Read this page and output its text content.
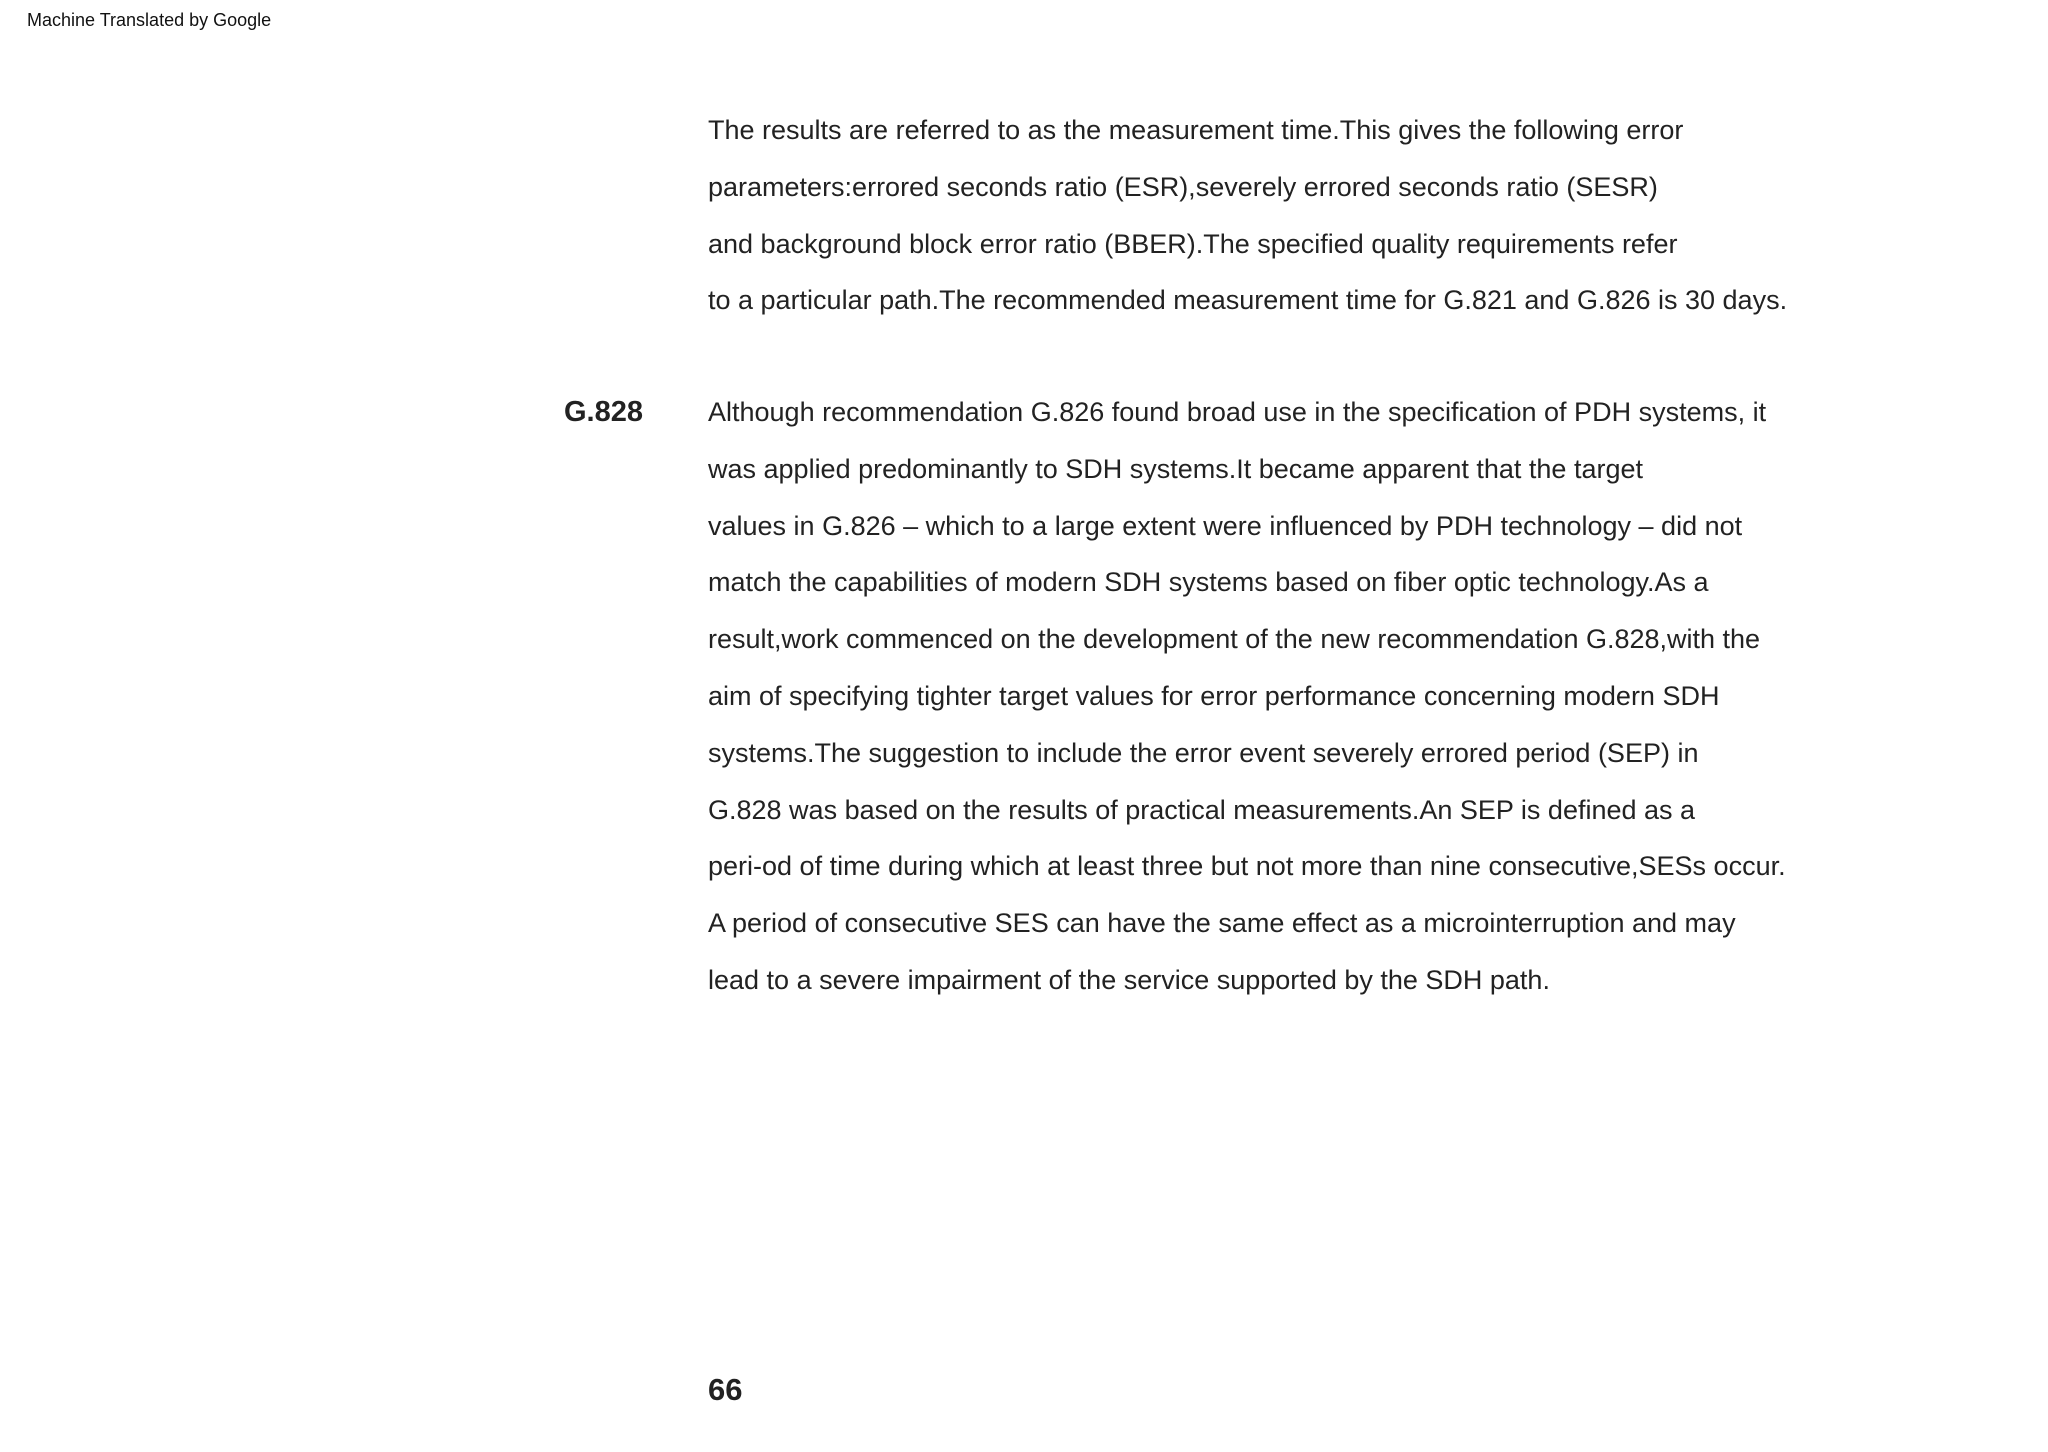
Machine Translated by Google
The results are referred to as the measurement time.This gives the following error
parameters:errored seconds ratio (ESR),severely errored seconds ratio (SESR)
and background block error ratio (BBER).The specified quality requirements refer
to a particular path.The recommended measurement time for G.821 and G.826 is 30 days.
G.828 Although recommendation G.826 found broad use in the specification of PDH systems, it
was applied predominantly to SDH systems.It became apparent that the target
values in G.826 – which to a large extent were influenced by PDH technology – did not
match the capabilities of modern SDH systems based on fiber optic technology.As a
result,work commenced on the development of the new recommendation G.828,with the
aim of specifying tighter target values for error performance concerning modern SDH
systems.The suggestion to include the error event severely errored period (SEP) in
G.828 was based on the results of practical measurements.An SEP is defined as a
peri-od of time during which at least three but not more than nine consecutive,SESs occur.
A period of consecutive SES can have the same effect as a microinterruption and may
lead to a severe impairment of the service supported by the SDH path.
66
